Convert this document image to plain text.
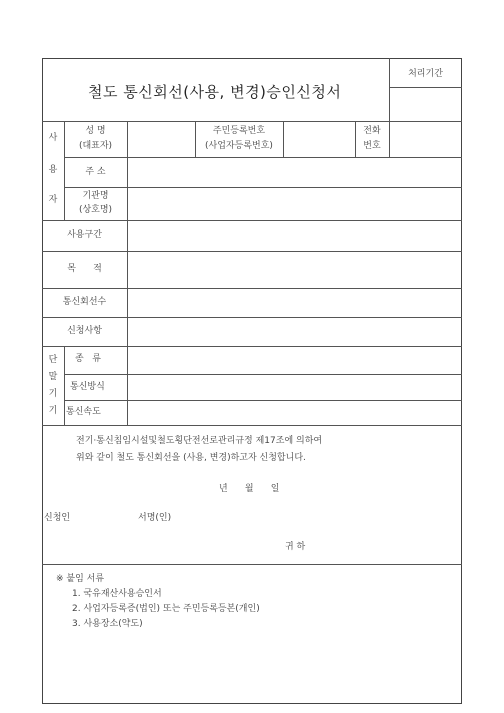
철도 통신회선(사용, 변경)승인신청서
처리기간
사
용
자
성 명
(대표자)
주민등록번호
(사업자등록번호)
전화
번호
주 소
기관명
(상호명)
사용구간
목      적
통신회선수
신청사항
단
말
기
기
종   류
통신방식
통신속도
전기·통신침임시설및철도횡단전선로관리규정 제17조에 의하여
위와 같이 철도 통신회선을 (사용, 변경)하고자 신청합니다.
년      월      일
신청인	서명(인)
귀 하
※ 붙임 서류
1. 국유재산사용승인서
2. 사업자등록증(법인) 또는 주민등록등본(개인)
3. 사용장소(약도)
